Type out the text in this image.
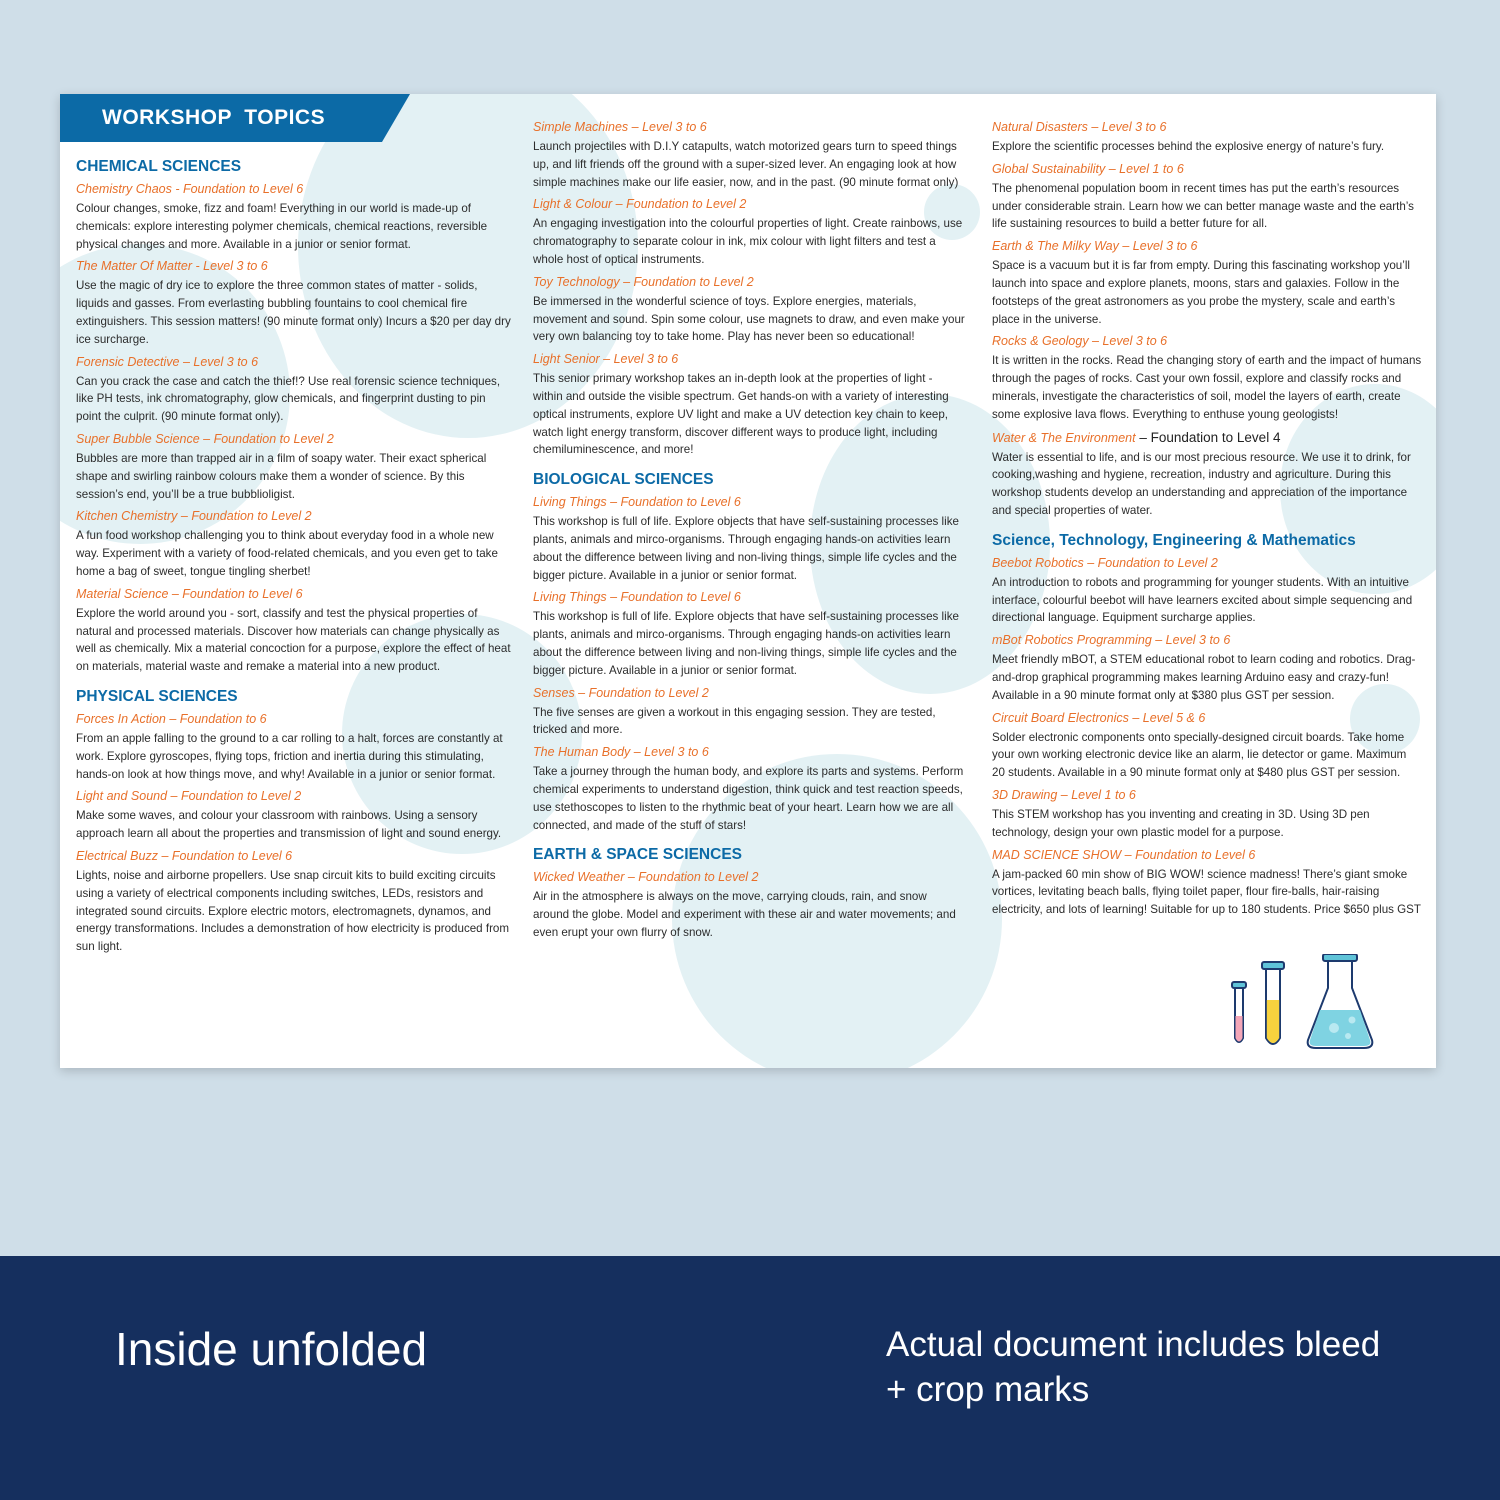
WORKSHOP  TOPICS
CHEMICAL SCIENCES
Chemistry Chaos - Foundation to Level 6

Colour changes, smoke, fizz and foam! Everything in our world is made-up of chemicals: explore interesting polymer chemicals, chemical reactions, reversible physical changes and more. Available in a junior or senior format.

The Matter Of Matter - Level 3 to 6

Use the magic of dry ice to explore the three common states of matter - solids, liquids and gasses. From everlasting bubbling fountains to cool chemical fire extinguishers. This session matters! (90 minute format only) Incurs a $20 per day dry ice surcharge.

Forensic Detective – Level 3 to 6

Can you crack the case and catch the thief!? Use real forensic science techniques, like PH tests, ink chromatography, glow chemicals, and fingerprint dusting to pin point the culprit. (90 minute format only).

Super Bubble Science – Foundation to Level 2

Bubbles are more than trapped air in a film of soapy water. Their exact spherical shape and swirling rainbow colours make them a wonder of science. By this session’s end, you’ll be a true bubblioligist.

Kitchen Chemistry – Foundation to Level 2

A fun food workshop challenging you to think about everyday food in a whole new way. Experiment with a variety of food-related chemicals, and you even get to take home a bag of sweet, tongue tingling sherbet!

Material Science – Foundation to Level 6

Explore the world around you - sort, classify and test the physical properties of natural and processed materials. Discover how materials can change physically as well as chemically. Mix a material concoction for a purpose, explore the effect of heat on materials, material waste and remake a material into a new product.

PHYSICAL SCIENCES
Forces In Action – Foundation to 6

From an apple falling to the ground to a car rolling to a halt, forces are constantly at work. Explore gyroscopes, flying tops, friction and inertia during this stimulating, hands-on look at how things move, and why! Available in a junior or senior format.

Light and Sound – Foundation to Level 2

Make some waves, and colour your classroom with rainbows. Using a sensory approach learn all about the properties and transmission of light and sound energy.

Electrical Buzz – Foundation to Level 6

Lights, noise and airborne propellers. Use snap circuit kits to build exciting circuits using a variety of electrical components including switches, LEDs, resistors and integrated sound circuits. Explore electric motors, electromagnets, dynamos, and energy transformations. Includes a demonstration of how electricity is produced from sun light.

Simple Machines – Level 3 to 6

Launch projectiles with D.I.Y catapults, watch motorized gears turn to speed things up, and lift friends off the ground with a super-sized lever. An engaging look at how simple machines make our life easier, now, and in the past. (90 minute format only)

Light & Colour – Foundation to Level 2

An engaging investigation into the colourful properties of light. Create rainbows, use chromatography to separate colour in ink, mix colour with light filters and test a whole host of optical instruments.

Toy Technology – Foundation to Level 2

Be immersed in the wonderful science of toys. Explore energies, materials, movement and sound. Spin some colour, use magnets to draw, and even make your very own balancing toy to take home. Play has never been so educational!

Light Senior – Level 3 to 6

This senior primary workshop takes an in-depth look at the properties of light - within and outside the visible spectrum. Get hands-on with a variety of interesting optical instruments, explore UV light and make a UV detection key chain to keep, watch light energy transform, discover different ways to produce light, including chemiluminescence, and more!

BIOLOGICAL SCIENCES
Living Things – Foundation to Level 6

This workshop is full of life. Explore objects that have self-sustaining processes like plants, animals and mirco-organisms. Through engaging hands-on activities learn about the difference between living and non-living things, simple life cycles and the bigger picture. Available in a junior or senior format.

Living Things – Foundation to Level 6

This workshop is full of life. Explore objects that have self-sustaining processes like plants, animals and mirco-organisms. Through engaging hands-on activities learn about the difference between living and non-living things, simple life cycles and the bigger picture. Available in a junior or senior format.

Senses – Foundation to Level 2

The five senses are given a workout in this engaging session. They are tested, tricked and more.

The Human Body – Level 3 to 6

Take a journey through the human body, and explore its parts and systems. Perform chemical experiments to understand digestion, think quick and test reaction speeds, use stethoscopes to listen to the rhythmic beat of your heart. Learn how we are all connected, and made of the stuff of stars!

EARTH & SPACE SCIENCES
Wicked Weather – Foundation to Level 2

Air in the atmosphere is always on the move, carrying clouds, rain, and snow around the globe. Model and experiment with these air and water movements; and even erupt your own flurry of snow.

Natural Disasters – Level 3 to 6

Explore the scientific processes behind the explosive energy of nature’s fury.

Global Sustainability – Level 1 to 6

The phenomenal population boom in recent times has put the earth’s resources under considerable strain. Learn how we can better manage waste and the earth’s life sustaining resources to build a better future for all.

Earth & The Milky Way – Level 3 to 6

Space is a vacuum but it is far from empty. During this fascinating workshop you’ll launch into space and explore planets, moons, stars and galaxies. Follow in the footsteps of the great astronomers as you probe the mystery, scale and earth’s place in the universe.

Rocks & Geology – Level 3 to 6

It is written in the rocks. Read the changing story of earth and the impact of humans through the pages of rocks. Cast your own fossil, explore and classify rocks and minerals, investigate the characteristics of soil, model the layers of earth, create some explosive lava flows. Everything to enthuse young geologists!

Water & The Environment – Foundation to Level 4

Water is essential to life, and is our most precious resource. We use it to drink, for cooking,washing and hygiene, recreation, industry and agriculture. During this workshop students develop an understanding and appreciation of the importance and special properties of water.

Science, Technology, Engineering & Mathematics
Beebot Robotics – Foundation to Level 2

An introduction to robots and programming for younger students. With an intuitive interface, colourful beebot will have learners excited about simple sequencing and directional language. Equipment surcharge applies.

mBot Robotics Programming – Level 3 to 6

Meet friendly mBOT, a STEM educational robot to learn coding and robotics. Drag-and-drop graphical programming makes learning Arduino easy and crazy-fun! Available in a 90 minute format only at $380 plus GST per session.

Circuit Board Electronics – Level 5 & 6

Solder electronic components onto specially-designed circuit boards. Take home your own working electronic device like an alarm, lie detector or game. Maximum 20 students. Available in a 90 minute format only at $480 plus GST per session.

3D Drawing – Level 1 to 6

This STEM workshop has you inventing and creating in 3D. Using 3D pen technology, design your own plastic model for a purpose.

MAD SCIENCE SHOW – Foundation to Level 6

A jam-packed 60 min show of BIG WOW! science madness! There’s giant smoke vortices, levitating beach balls, flying toilet paper, flour fire-balls, hair-raising electricity, and lots of learning! Suitable for up to 180 students. Price $650 plus GST

Inside unfolded	Actual document includes bleed + crop marks
